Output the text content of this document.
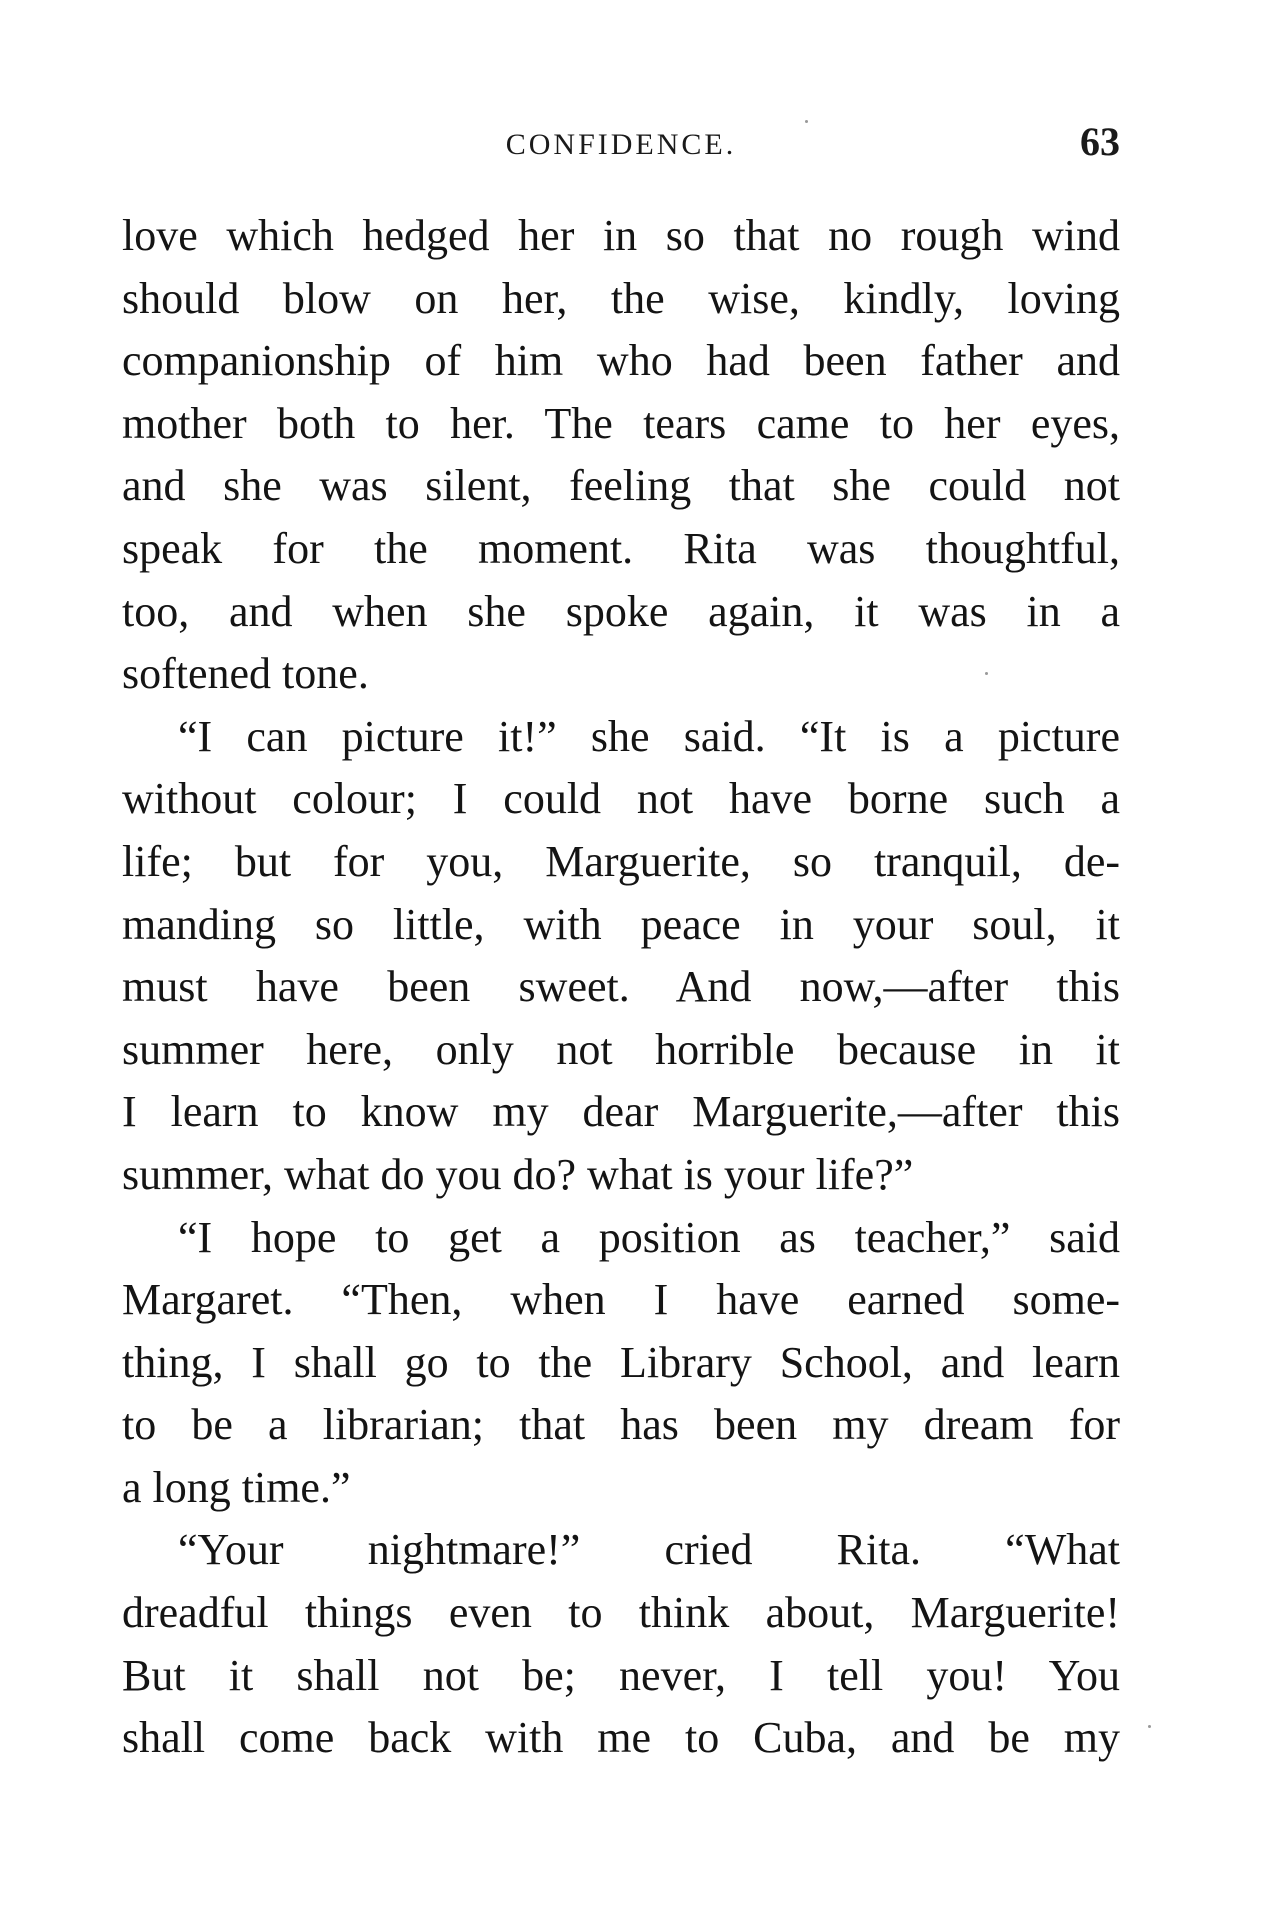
CONFIDENCE.	63
love which hedged her in so that no rough wind
should blow on her, the wise, kindly, loving
companionship of him who had been father and
mother both to her. The tears came to her eyes,
and she was silent, feeling that she could not
speak for the moment. Rita was thoughtful,
too, and when she spoke again, it was in a
softened tone.
“I can picture it!” she said. “It is a picture
without colour; I could not have borne such a
life; but for you, Marguerite, so tranquil, de-
manding so little, with peace in your soul, it
must have been sweet. And now,—after this
summer here, only not horrible because in it
I learn to know my dear Marguerite,—after this
summer, what do you do? what is your life?”
“I hope to get a position as teacher,” said
Margaret. “Then, when I have earned some-
thing, I shall go to the Library School, and learn
to be a librarian; that has been my dream for
a long time.”
“Your nightmare!” cried Rita. “What
dreadful things even to think about, Marguerite!
But it shall not be; never, I tell you! You
shall come back with me to Cuba, and be my
